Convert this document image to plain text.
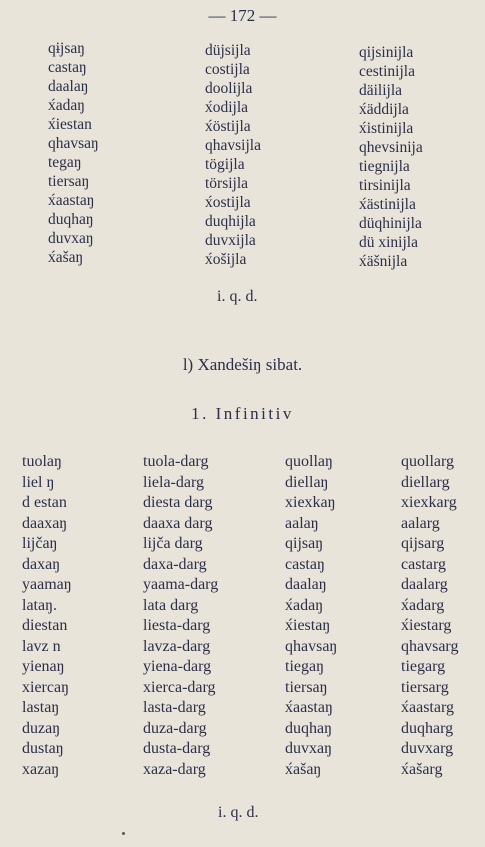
— 172 —
qɨjsaŋ
castaŋ
daalaŋ
x́adaŋ
x́iestan
qhavsaŋ
tegaŋ
tiersaŋ
x́aastaŋ
duqhaŋ
duvxaŋ
x́ašaŋ
düjsijla
costijla
doolijla
x́odijla
x́östijla
qhavsijla
tögijla
törsijla
x́ostijla
duqhijla
duvxijla
x́ošijla
qijsinijla
cestinijla
däilijla
x́äddijla
x́istinijla
qhevsinija
tiegnijla
tirsinijla
x́ästinijla
düqhinijla
dü xinijla
x́äšnijla
i. q. d.
l) Xandešiŋ sibat.
1. Infinitiv
tuolaŋ
liel ŋ
d estan
daaxaŋ
lijčaŋ
daxaŋ
yaamaŋ
lataŋ.
diestan
lavz n
yienaŋ
xiercaŋ
lastaŋ
duzaŋ
dustaŋ
xazaŋ
tuola-darg
liela-darg
diesta darg
daaxa darg
lijča darg
daxa-darg
yaama-darg
lata darg
liesta-darg
lavza-darg
yiena-darg
xierca-darg
lasta-darg
duza-darg
dusta-darg
xaza-darg
quollaŋ
diellaŋ
xiexkaŋ
aalaŋ
qijsaŋ
castaŋ
daalaŋ
x́adaŋ
x́iestaŋ
qhavsaŋ
tiegaŋ
tiersaŋ
x́aastaŋ
duqhaŋ
duvxaŋ
x́ašaŋ
quollarg
diellarg
xiexkarg
aalarg
qijsarg
castarg
daalarg
x́adarg
x́iestarg
qhavsarg
tiegarg
tiersarg
x́aastarg
duqharg
duvxarg
x́ašarg
i. q. d.
